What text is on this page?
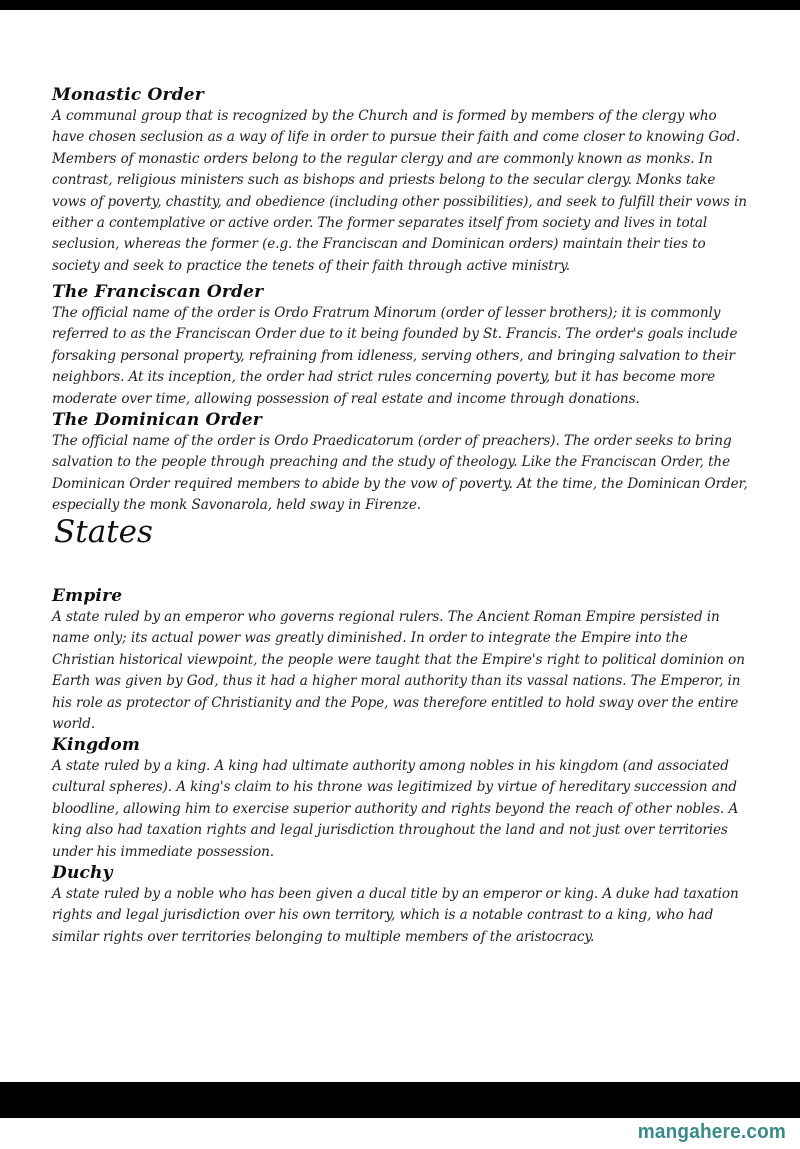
Monastic Order
A communal group that is recognized by the Church and is formed by members of the clergy who have chosen seclusion as a way of life in order to pursue their faith and come closer to knowing God. Members of monastic orders belong to the regular clergy and are commonly known as monks. In contrast, religious ministers such as bishops and priests belong to the secular clergy. Monks take vows of poverty, chastity, and obedience (including other possibilities), and seek to fulfill their vows in either a contemplative or active order. The former separates itself from society and lives in total seclusion, whereas the former (e.g. the Franciscan and Dominican orders) maintain their ties to society and seek to practice the tenets of their faith through active ministry.
The Franciscan Order
The official name of the order is Ordo Fratrum Minorum (order of lesser brothers); it is commonly referred to as the Franciscan Order due to it being founded by St. Francis. The order's goals include forsaking personal property, refraining from idleness, serving others, and bringing salvation to their neighbors. At its inception, the order had strict rules concerning poverty, but it has become more moderate over time, allowing possession of real estate and income through donations.
The Dominican Order
The official name of the order is Ordo Praedicatorum (order of preachers). The order seeks to bring salvation to the people through preaching and the study of theology. Like the Franciscan Order, the Dominican Order required members to abide by the vow of poverty. At the time, the Dominican Order, especially the monk Savonarola, held sway in Firenze.
States
Empire
A state ruled by an emperor who governs regional rulers. The Ancient Roman Empire persisted in name only; its actual power was greatly diminished. In order to integrate the Empire into the Christian historical viewpoint, the people were taught that the Empire's right to political dominion on Earth was given by God, thus it had a higher moral authority than its vassal nations. The Emperor, in his role as protector of Christianity and the Pope, was therefore entitled to hold sway over the entire world.
Kingdom
A state ruled by a king. A king had ultimate authority among nobles in his kingdom (and associated cultural spheres). A king's claim to his throne was legitimized by virtue of hereditary succession and bloodline, allowing him to exercise superior authority and rights beyond the reach of other nobles. A king also had taxation rights and legal jurisdiction throughout the land and not just over territories under his immediate possession.
Duchy
A state ruled by a noble who has been given a ducal title by an emperor or king. A duke had taxation rights and legal jurisdiction over his own territory, which is a notable contrast to a king, who had similar rights over territories belonging to multiple members of the aristocracy.
mangahere.com
